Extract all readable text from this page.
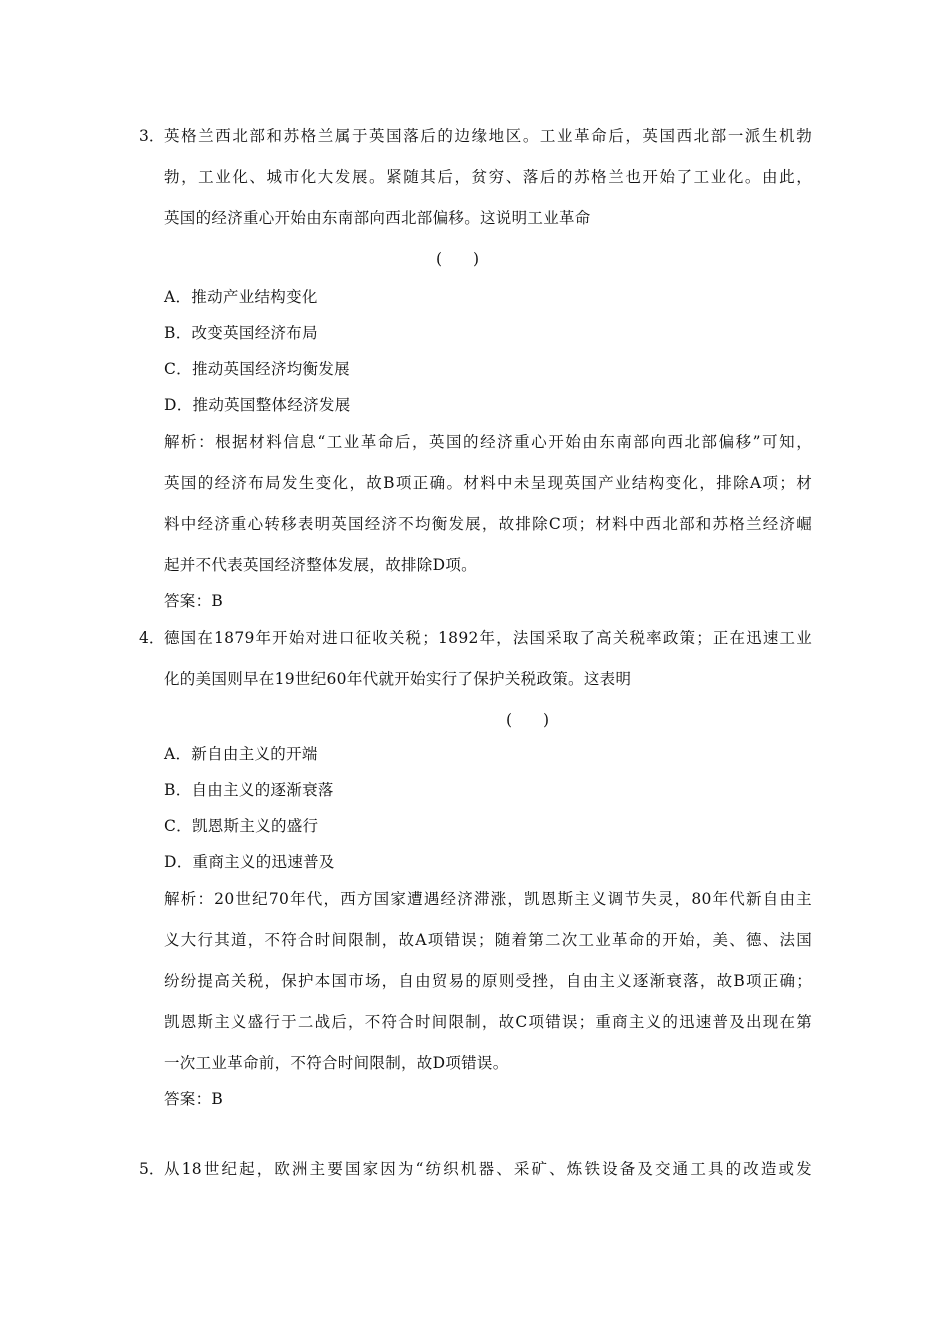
3． 英格兰西北部和苏格兰属于英国落后的边缘地区。工业革命后，英国西北部一派生机勃
勃，工业化、城市化大发展。紧随其后，贫穷、落后的苏格兰也开始了工业化。由此，
英国的经济重心开始由东南部向西北部偏移。这说明工业革命
(　　)
A．推动产业结构变化
B．改变英国经济布局
C．推动英国经济均衡发展
D．推动英国整体经济发展
解析：根据材料信息“工业革命后，英国的经济重心开始由东南部向西北部偏移”可知，
英国的经济布局发生变化，故B项正确。材料中未呈现英国产业结构变化，排除A项；材
料中经济重心转移表明英国经济不均衡发展，故排除C项；材料中西北部和苏格兰经济崛
起并不代表英国经济整体发展，故排除D项。
答案：B
4． 德国在1879年开始对进口征收关税；1892年，法国采取了高关税率政策；正在迅速工业
化的美国则早在19世纪60年代就开始实行了保护关税政策。这表明
(　　)
A．新自由主义的开端
B．自由主义的逐渐衰落
C．凯恩斯主义的盛行
D．重商主义的迅速普及
解析：20世纪70年代，西方国家遭遇经济滞涨，凯恩斯主义调节失灵，80年代新自由主
义大行其道，不符合时间限制，故A项错误；随着第二次工业革命的开始，美、德、法国
纷纷提高关税，保护本国市场，自由贸易的原则受挫，自由主义逐渐衰落，故B项正确；
凯恩斯主义盛行于二战后，不符合时间限制，故C项错误；重商主义的迅速普及出现在第
一次工业革命前，不符合时间限制，故D项错误。
答案：B
5． 从18世纪起，欧洲主要国家因为“纺织机器、采矿、炼铁设备及交通工具的改造或发
